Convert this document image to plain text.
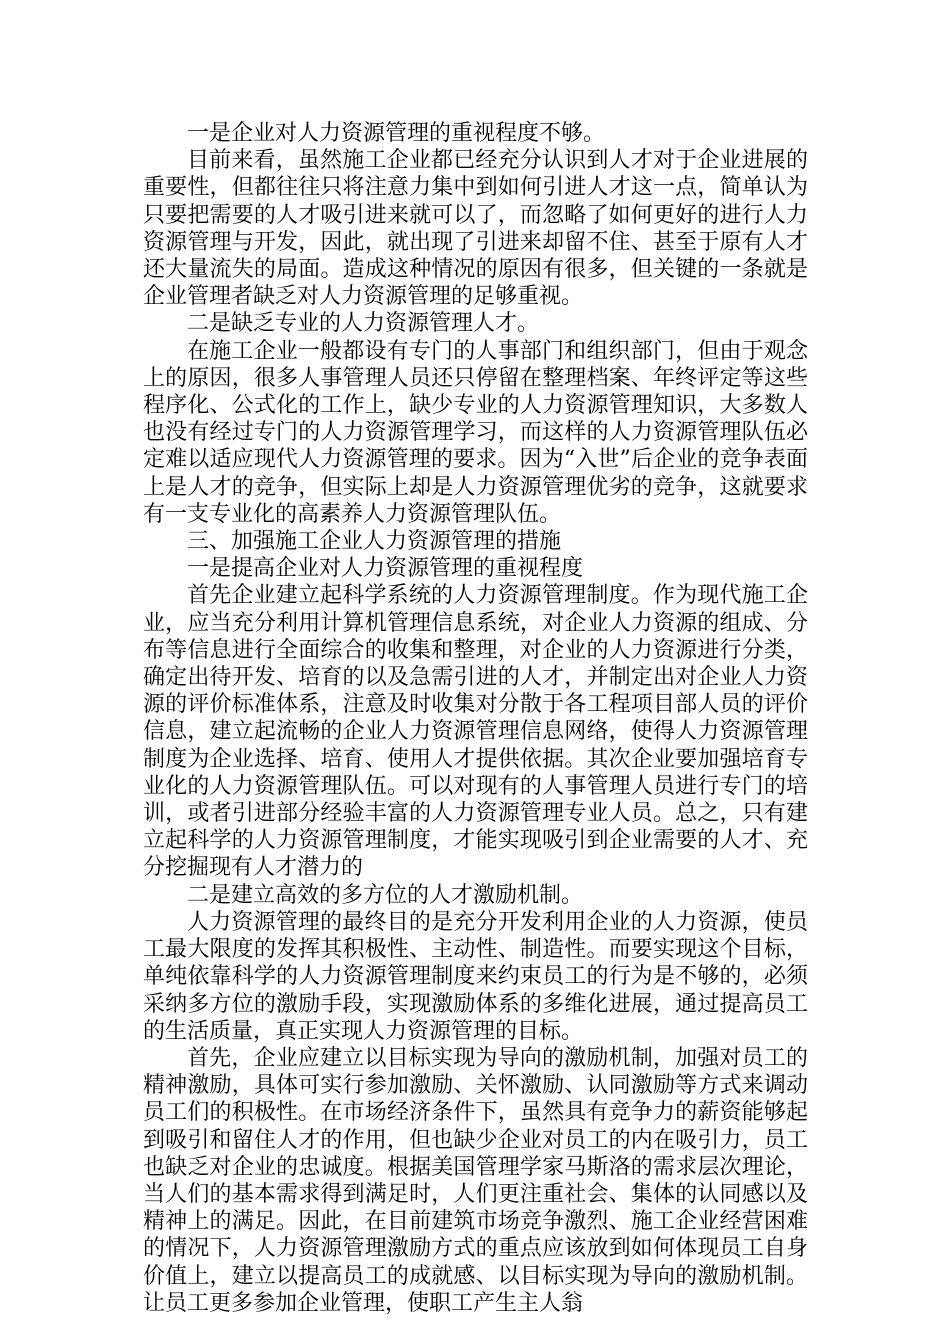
一是企业对人力资源管理的重视程度不够。

目前来看，虽然施工企业都已经充分认识到人才对于企业进展的重要性，但都往往只将注意力集中到如何引进人才这一点，简单认为只要把需要的人才吸引进来就可以了，而忽略了如何更好的进行人力资源管理与开发，因此，就出现了引进来却留不住、甚至于原有人才还大量流失的局面。造成这种情况的原因有很多，但关键的一条就是企业管理者缺乏对人力资源管理的足够重视。

二是缺乏专业的人力资源管理人才。

在施工企业一般都设有专门的人事部门和组织部门，但由于观念上的原因，很多人事管理人员还只停留在整理档案、年终评定等这些程序化、公式化的工作上，缺少专业的人力资源管理知识，大多数人也没有经过专门的人力资源管理学习，而这样的人力资源管理队伍必定难以适应现代人力资源管理的要求。因为“入世”后企业的竞争表面上是人才的竞争，但实际上却是人力资源管理优劣的竞争，这就要求有一支专业化的高素养人力资源管理队伍。

三、加强施工企业人力资源管理的措施

一是提高企业对人力资源管理的重视程度

首先企业建立起科学系统的人力资源管理制度。作为现代施工企业，应当充分利用计算机管理信息系统，对企业人力资源的组成、分布等信息进行全面综合的收集和整理，对企业的人力资源进行分类，确定出待开发、培育的以及急需引进的人才，并制定出对企业人力资源的评价标准体系，注意及时收集对分散于各工程项目部人员的评价信息，建立起流畅的企业人力资源管理信息网络，使得人力资源管理制度为企业选择、培育、使用人才提供依据。其次企业要加强培育专业化的人力资源管理队伍。可以对现有的人事管理人员进行专门的培训，或者引进部分经验丰富的人力资源管理专业人员。总之，只有建立起科学的人力资源管理制度，才能实现吸引到企业需要的人才、充分挖掘现有人才潜力的

二是建立高效的多方位的人才激励机制。

人力资源管理的最终目的是充分开发利用企业的人力资源，使员工最大限度的发挥其积极性、主动性、制造性。而要实现这个目标，单纯依靠科学的人力资源管理制度来约束员工的行为是不够的，必须采纳多方位的激励手段，实现激励体系的多维化进展，通过提高员工的生活质量，真正实现人力资源管理的目标。

首先，企业应建立以目标实现为导向的激励机制，加强对员工的精神激励，具体可实行参加激励、关怀激励、认同激励等方式来调动员工们的积极性。在市场经济条件下，虽然具有竞争力的薪资能够起到吸引和留住人才的作用，但也缺少企业对员工的内在吸引力，员工也缺乏对企业的忠诚度。根据美国管理学家马斯洛的需求层次理论，当人们的基本需求得到满足时，人们更注重社会、集体的认同感以及精神上的满足。因此，在目前建筑市场竞争激烈、施工企业经营困难的情况下，人力资源管理激励方式的重点应该放到如何体现员工自身价值上，建立以提高员工的成就感、以目标实现为导向的激励机制。让员工更多参加企业管理，使职工产生主人翁
